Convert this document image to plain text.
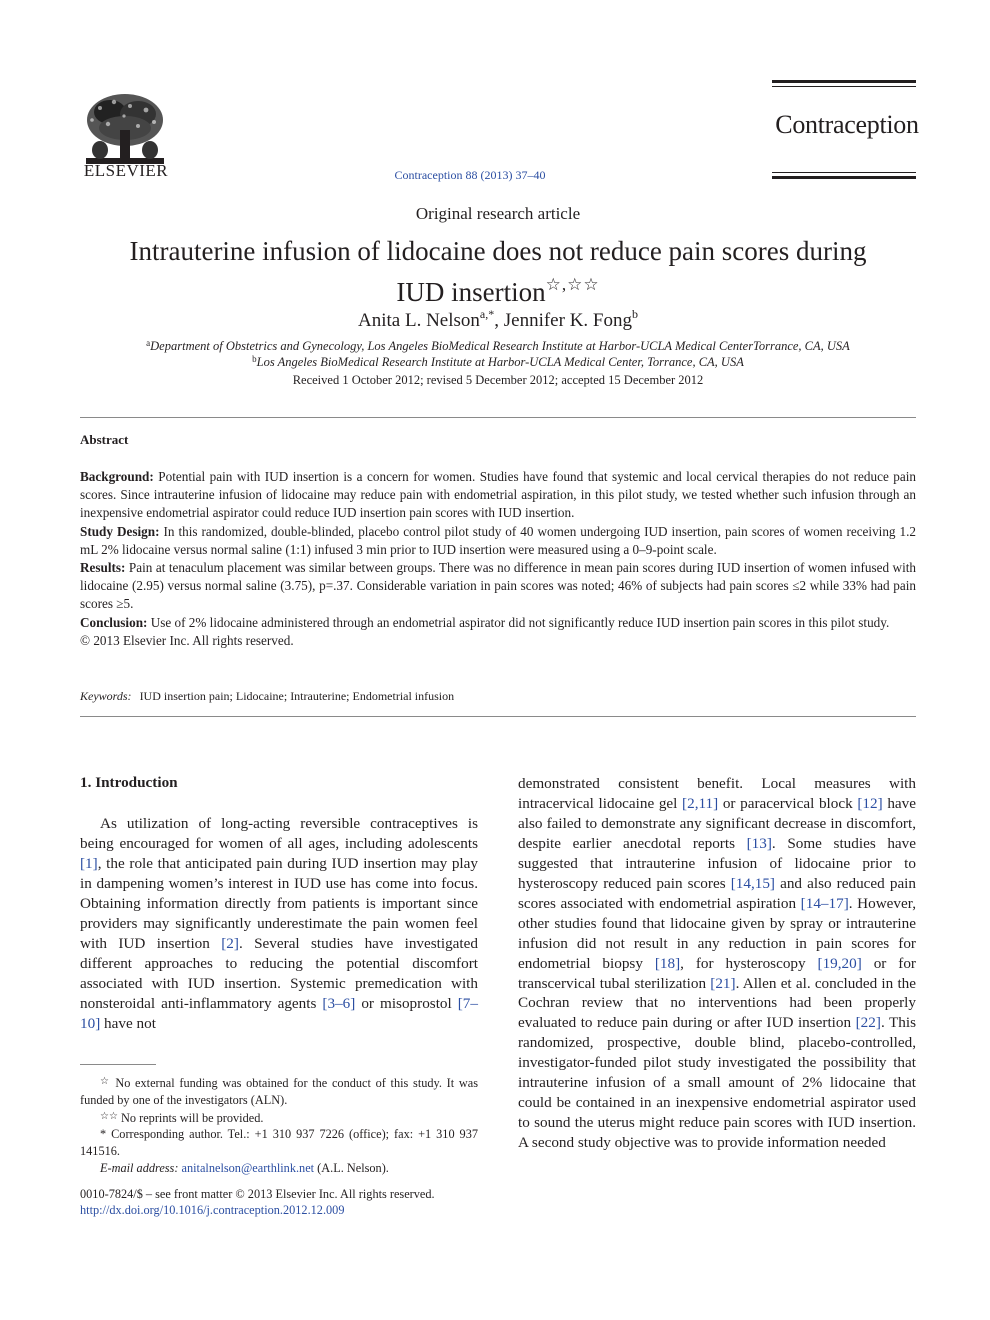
ELSEVIER	Contraception 88 (2013) 37–40
Contraception
Original research article
Intrauterine infusion of lidocaine does not reduce pain scores during
IUD insertion☆,☆☆
Anita L. Nelson$^{a,*}$, Jennifer K. Fong$^b$
$^a$Department of Obstetrics and Gynecology, Los Angeles BioMedical Research Institute at Harbor-UCLA Medical CenterTorrance, CA, USA
$^b$Los Angeles BioMedical Research Institute at Harbor-UCLA Medical Center, Torrance, CA, USA
Received 1 October 2012; revised 5 December 2012; accepted 15 December 2012
Abstract

Background: Potential pain with IUD insertion is a concern for women. Studies have found that systemic and local cervical therapies do not reduce pain scores. Since intrauterine infusion of lidocaine may reduce pain with endometrial aspiration, in this pilot study, we tested whether such infusion through an inexpensive endometrial aspirator could reduce IUD insertion pain scores with IUD insertion.

Study Design: In this randomized, double-blinded, placebo control pilot study of 40 women undergoing IUD insertion, pain scores of women receiving 1.2 mL 2% lidocaine versus normal saline (1:1) infused 3 min prior to IUD insertion were measured using a 0–9-point scale.

Results: Pain at tenaculum placement was similar between groups. There was no difference in mean pain scores during IUD insertion of women infused with lidocaine (2.95) versus normal saline (3.75), p=.37. Considerable variation in pain scores was noted; 46% of subjects had pain scores ≤2 while 33% had pain scores ≥5.

Conclusion: Use of 2% lidocaine administered through an endometrial aspirator did not significantly reduce IUD insertion pain scores in this pilot study.

© 2013 Elsevier Inc. All rights reserved.

Keywords: IUD insertion pain; Lidocaine; Intrauterine; Endometrial infusion
1. Introduction

As utilization of long-acting reversible contraceptives is being encouraged for women of all ages, including adolescents [1], the role that anticipated pain during IUD insertion may play in dampening women’s interest in IUD use has come into focus. Obtaining information directly from patients is important since providers may significantly underestimate the pain women feel with IUD insertion [2]. Several studies have investigated different approaches to reducing the potential discomfort associated with IUD insertion. Systemic premedication with nonsteroidal anti-inflammatory agents [3–6] or misoprostol [7–10] have not

demonstrated consistent benefit. Local measures with intracervical lidocaine gel [2,11] or paracervical block [12] have also failed to demonstrate any significant decrease in discomfort, despite earlier anecdotal reports [13]. Some studies have suggested that intrauterine infusion of lidocaine prior to hysteroscopy reduced pain scores [14,15] and also reduced pain scores associated with endometrial aspiration [14–17]. However, other studies found that lidocaine given by spray or intrauterine infusion did not result in any reduction in pain scores for endometrial biopsy [18], for hysteroscopy [19,20] or for transcervical tubal sterilization [21]. Allen et al. concluded in the Cochran review that no interventions had been properly evaluated to reduce pain during or after IUD insertion [22]. This randomized, prospective, double blind, placebo-controlled, investigator-funded pilot study investigated the possibility that intrauterine infusion of a small amount of 2% lidocaine that could be contained in an inexpensive endometrial aspirator used to sound the uterus might reduce pain scores with IUD insertion. A second study objective was to provide information needed

☆ No external funding was obtained for the conduct of this study. It was funded by one of the investigators (ALN).

☆☆ No reprints will be provided.

* Corresponding author. Tel.: +1 310 937 7226 (office); fax: +1 310 937 141516.

E-mail address: anitalnelson@earthlink.net (A.L. Nelson).

0010-7824/$ – see front matter © 2013 Elsevier Inc. All rights reserved.
http://dx.doi.org/10.1016/j.contraception.2012.12.009
